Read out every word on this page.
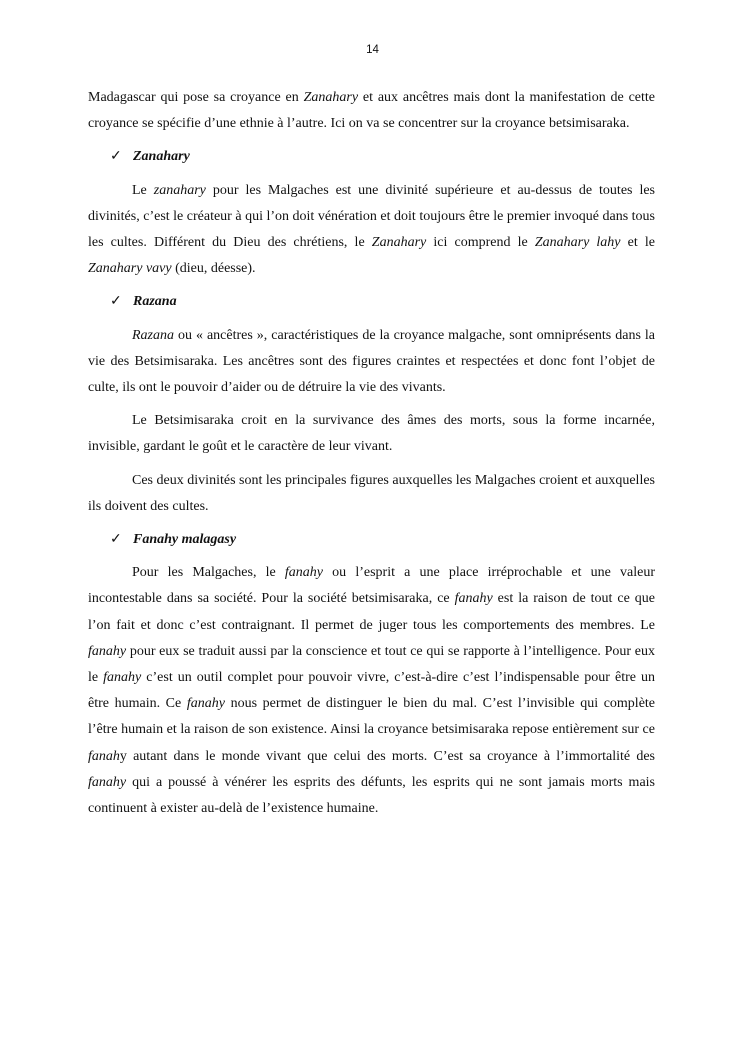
14

Madagascar qui pose sa croyance en Zanahary et aux ancêtres mais dont la manifestation de cette croyance se spécifie d’une ethnie à l’autre. Ici on va se concentrer sur la croyance betsimisaraka.

✓ Zanahary

Le zanahary pour les Malgaches est une divinité supérieure et au-dessus de toutes les divinités, c’est le créateur à qui l’on doit vénération et doit toujours être le premier invoqué dans tous les cultes. Différent du Dieu des chrétiens, le Zanahary ici comprend le Zanahary lahy et le Zanahary vavy (dieu, déesse).

✓ Razana

Razana ou « ancêtres », caractéristiques de la croyance malgache, sont omniprésents dans la vie des Betsimisaraka. Les ancêtres sont des figures craintes et respectées et donc font l’objet de culte, ils ont le pouvoir d’aider ou de détruire la vie des vivants.

Le Betsimisaraka croit en la survivance des âmes des morts, sous la forme incarnée, invisible, gardant le goût et le caractère de leur vivant.

Ces deux divinités sont les principales figures auxquelles les Malgaches croient et auxquelles ils doivent des cultes.

✓ Fanahy malagasy

Pour les Malgaches, le fanahy ou l’esprit a une place irréprochable et une valeur incontestable dans sa société. Pour la société betsimisaraka, ce fanahy est la raison de tout ce que l’on fait et donc c’est contraignant. Il permet de juger tous les comportements des membres. Le fanahy pour eux se traduit aussi par la conscience et tout ce qui se rapporte à l’intelligence. Pour eux le fanahy c’est un outil complet pour pouvoir vivre, c’est-à-dire c’est l’indispensable pour être un être humain. Ce fanahy nous permet de distinguer le bien du mal. C’est l’invisible qui complète l’être humain et la raison de son existence. Ainsi la croyance betsimisaraka repose entièrement sur ce fanahy autant dans le monde vivant que celui des morts. C’est sa croyance à l’immortalité des fanahy qui a poussé à vénérer les esprits des défunts, les esprits qui ne sont jamais morts mais continuent à exister au-delà de l’existence humaine.
